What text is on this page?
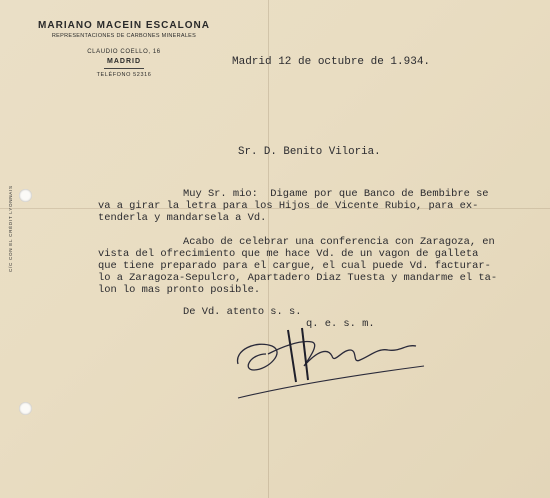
MARIANO MACEIN ESCALONA
REPRESENTACIONES DE CARBONES MINERALES
CLAUDIO COELLO, 16
MADRID
TELÉFONO 52316
C/C CON EL CRÉDIT LYONNAIS
Madrid 12 de octubre de 1.934.
Sr. D. Benito Viloria.
Muy Sr. mio:  Digame por que Banco de Bembibre se
va a girar la letra para los Hijos de Vicente Rubio, para ex-
tenderla y mandarsela a Vd.
Acabo de celebrar una conferencia con Zaragoza, en
vista del ofrecimiento que me hace Vd. de un vagon de galleta
que tiene preparado para el cargue, el cual puede Vd. facturar-
lo a Zaragoza-Sepulcro, Apartadero Diaz Tuesta y mandarme el ta-
lon lo mas pronto posible.
De Vd. atento s. s.
q. e. s. m.
